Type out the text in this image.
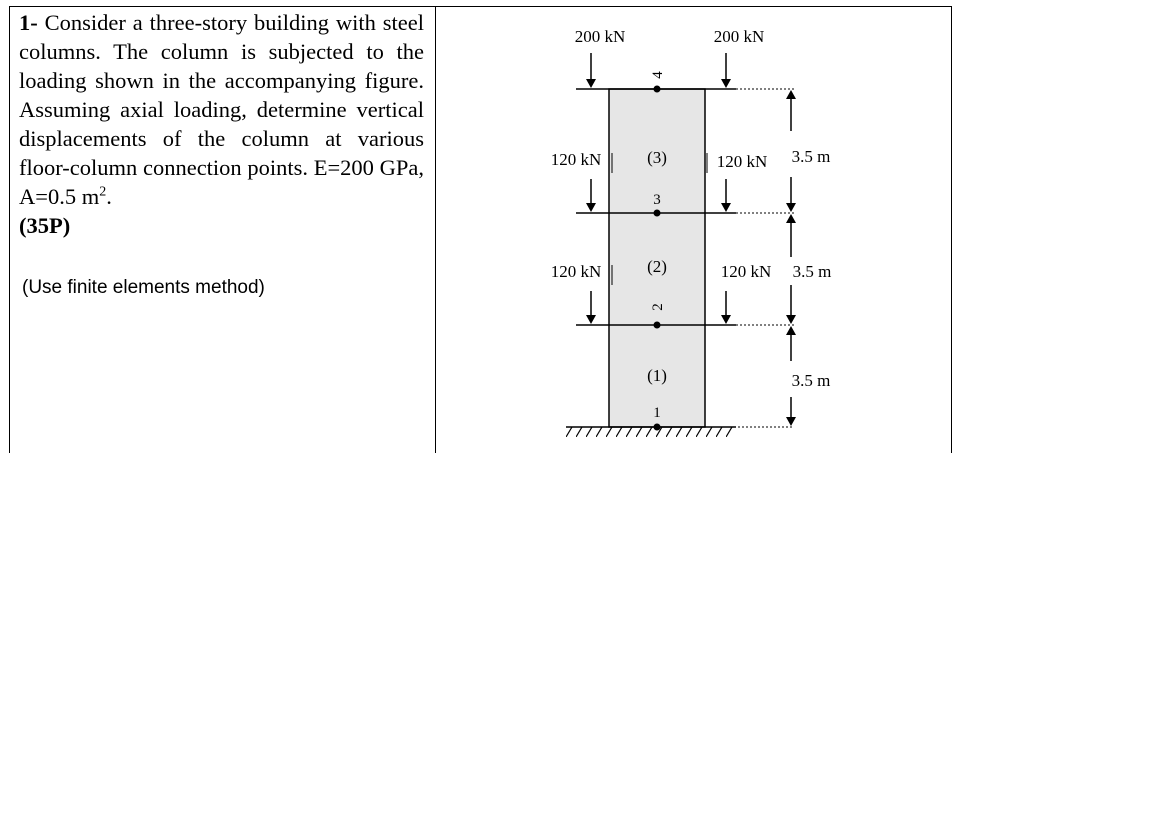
1- Consider a three-story building with steel columns. The column is subjected to the loading shown in the accompanying figure. Assuming axial loading, determine vertical displacements of the column at various floor-column connection points. E=200 GPa, A=0.5 $m^2$.

(35P)

(Use finite elements method)
4
3
2
1
(3)
(2)
(1)
200 kN	200 kN
120 kN	120 kN
120 kN	120 kN
3.5 m
3.5 m
3.5 m
